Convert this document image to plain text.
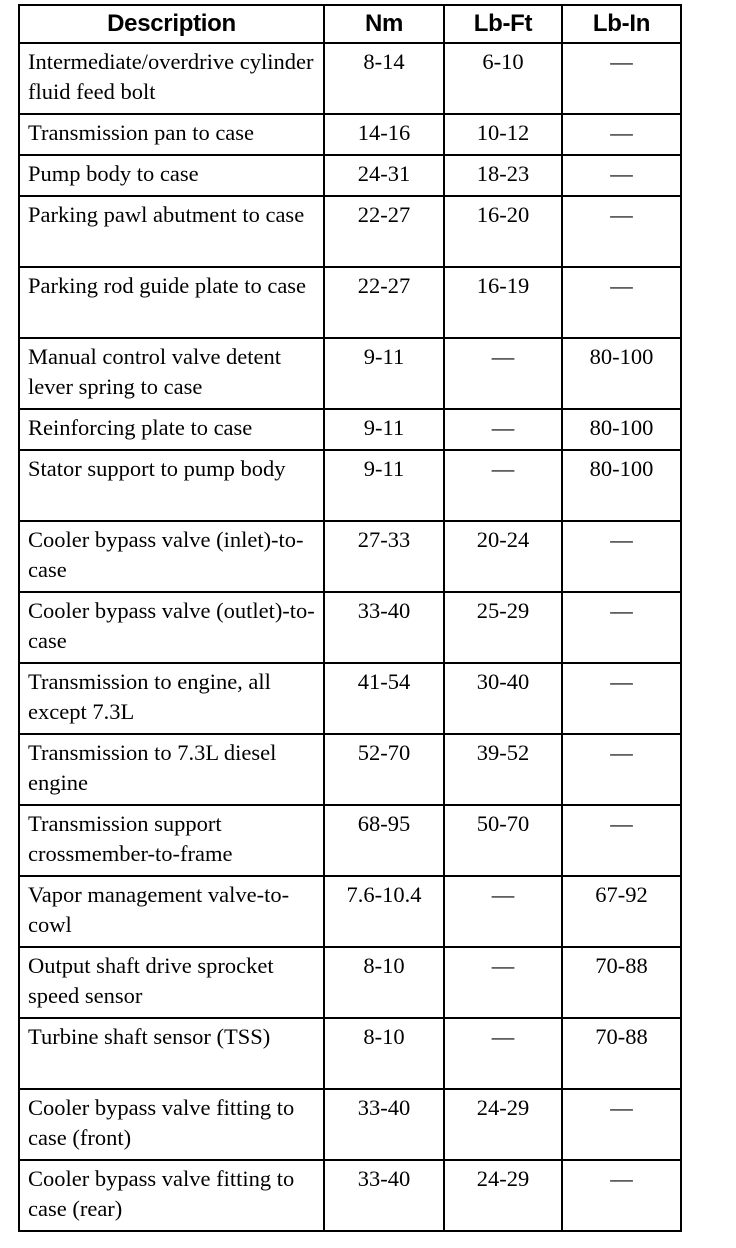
Description	Nm	Lb-Ft	Lb-In
Intermediate/overdrive cylinder fluid feed bolt	8-14	6-10	—
Transmission pan to case	14-16	10-12	—
Pump body to case	24-31	18-23	—
Parking pawl abutment to case	22-27	16-20	—
Parking rod guide plate to case	22-27	16-19	—
Manual control valve detent lever spring to case	9-11	—	80-100
Reinforcing plate to case	9-11	—	80-100
Stator support to pump body	9-11	—	80-100
Cooler bypass valve (inlet)-to-case	27-33	20-24	—
Cooler bypass valve (outlet)-to-case	33-40	25-29	—
Transmission to engine, all except 7.3L	41-54	30-40	—
Transmission to 7.3L diesel engine	52-70	39-52	—
Transmission support crossmember-to-frame	68-95	50-70	—
Vapor management valve-to-cowl	7.6-10.4	—	67-92
Output shaft drive sprocket speed sensor	8-10	—	70-88
Turbine shaft sensor (TSS)	8-10	—	70-88
Cooler bypass valve fitting to case (front)	33-40	24-29	—
Cooler bypass valve fitting to case (rear)	33-40	24-29	—
